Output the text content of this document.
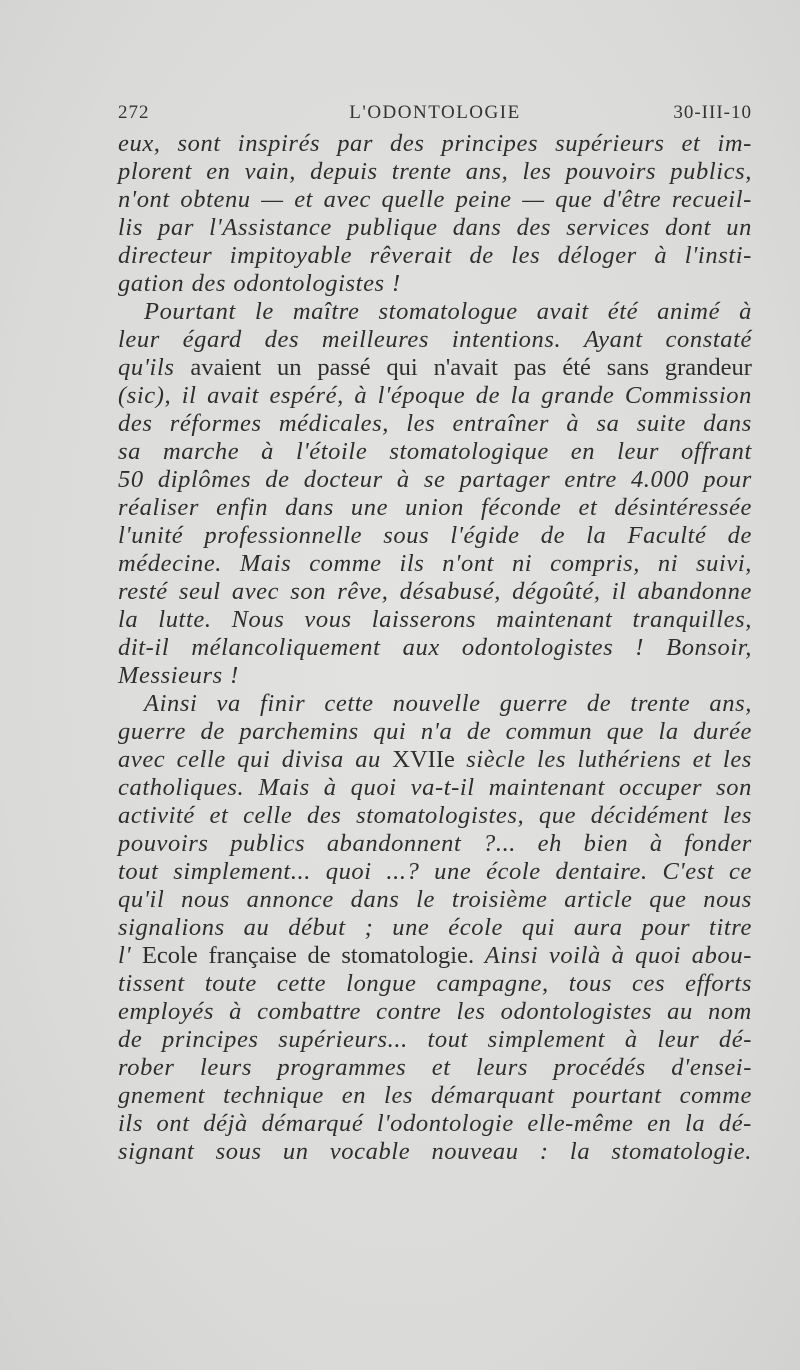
272	L'ODONTOLOGIE	30-III-10
eux, sont inspirés par des principes supérieurs et im-
plorent en vain, depuis trente ans, les pouvoirs publics,
n'ont obtenu — et avec quelle peine — que d'être recueil-
lis par l'Assistance publique dans des services dont un
directeur impitoyable rêverait de les déloger à l'insti-
gation des odontologistes !
Pourtant le maître stomatologue avait été animé à
leur égard des meilleures intentions. Ayant constaté
qu'ils avaient un passé qui n'avait pas été sans grandeur
(sic), il avait espéré, à l'époque de la grande Commission
des réformes médicales, les entraîner à sa suite dans
sa marche à l'étoile stomatologique en leur offrant
50 diplômes de docteur à se partager entre 4.000 pour
réaliser enfin dans une union féconde et désintéressée
l'unité professionnelle sous l'égide de la Faculté de
médecine. Mais comme ils n'ont ni compris, ni suivi,
resté seul avec son rêve, désabusé, dégoûté, il abandonne
la lutte. Nous vous laisserons maintenant tranquilles,
dit-il mélancoliquement aux odontologistes ! Bonsoir,
Messieurs !
Ainsi va finir cette nouvelle guerre de trente ans,
guerre de parchemins qui n'a de commun que la durée
avec celle qui divisa au XVIIe siècle les luthériens et les
catholiques. Mais à quoi va-t-il maintenant occuper son
activité et celle des stomatologistes, que décidément les
pouvoirs publics abandonnent ?... eh bien à fonder
tout simplement... quoi ...? une école dentaire. C'est ce
qu'il nous annonce dans le troisième article que nous
signalions au début ; une école qui aura pour titre
l' Ecole française de stomatologie. Ainsi voilà à quoi abou-
tissent toute cette longue campagne, tous ces efforts
employés à combattre contre les odontologistes au nom
de principes supérieurs... tout simplement à leur dé-
rober leurs programmes et leurs procédés d'ensei-
gnement technique en les démarquant pourtant comme
ils ont déjà démarqué l'odontologie elle-même en la dé-
signant sous un vocable nouveau : la stomatologie.
